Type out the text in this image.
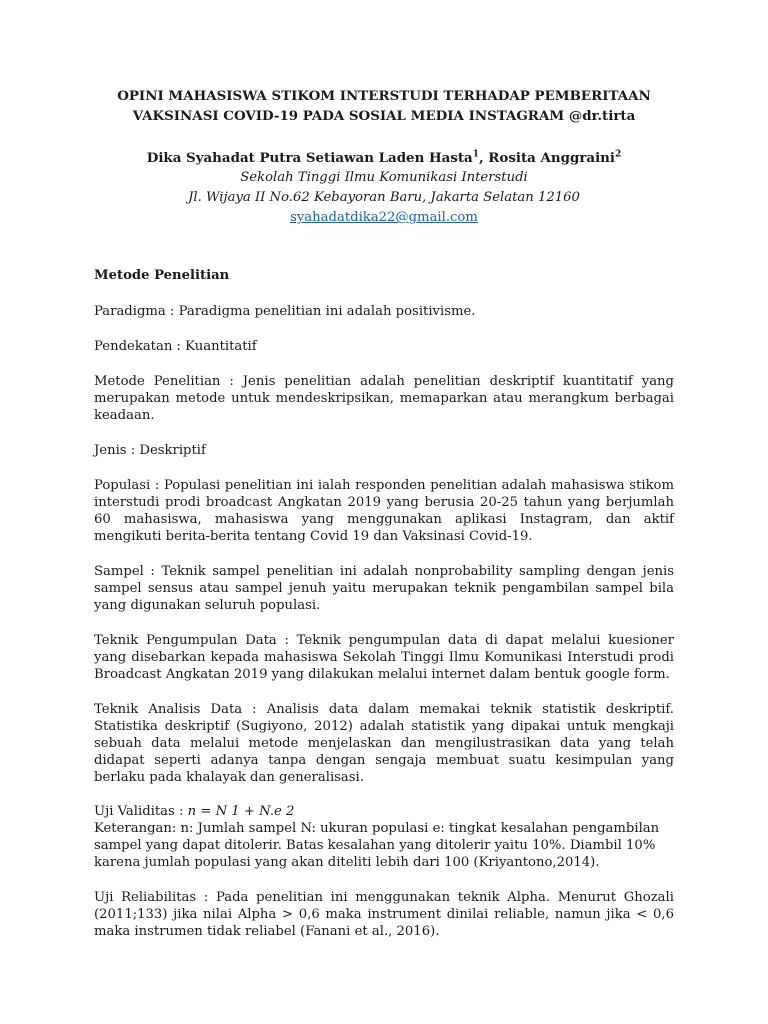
OPINI MAHASISWA STIKOM INTERSTUDI TERHADAP PEMBERITAAN
VAKSINASI COVID-19 PADA SOSIAL MEDIA INSTAGRAM @dr.tirta
Dika Syahadat Putra Setiawan Laden Hasta$^1$, Rosita Anggraini$^2$
Sekolah Tinggi Ilmu Komunikasi Interstudi
Jl. Wijaya II No.62 Kebayoran Baru, Jakarta Selatan 12160
syahadatdika22@gmail.com
Metode Penelitian

Paradigma : Paradigma penelitian ini adalah positivisme.

Pendekatan : Kuantitatif

Metode Penelitian : Jenis penelitian adalah penelitian deskriptif kuantitatif yang merupakan metode untuk mendeskripsikan, memaparkan atau merangkum berbagai keadaan.

Jenis : Deskriptif

Populasi : Populasi penelitian ini ialah responden penelitian adalah mahasiswa stikom interstudi prodi broadcast Angkatan 2019 yang berusia 20-25 tahun yang berjumlah 60 mahasiswa, mahasiswa yang menggunakan aplikasi Instagram, dan aktif mengikuti berita-berita tentang Covid 19 dan Vaksinasi Covid-19.

Sampel : Teknik sampel penelitian ini adalah nonprobability sampling dengan jenis sampel sensus atau sampel jenuh yaitu merupakan teknik pengambilan sampel bila yang digunakan seluruh populasi.

Teknik Pengumpulan Data : Teknik pengumpulan data di dapat melalui kuesioner yang disebarkan kepada mahasiswa Sekolah Tinggi Ilmu Komunikasi Interstudi prodi Broadcast Angkatan 2019 yang dilakukan melalui internet dalam bentuk google form.

Teknik Analisis Data : Analisis data dalam memakai teknik statistik deskriptif. Statistika deskriptif (Sugiyono, 2012) adalah statistik yang dipakai untuk mengkaji sebuah data melalui metode menjelaskan dan mengilustrasikan data yang telah didapat seperti adanya tanpa dengan sengaja membuat suatu kesimpulan yang berlaku pada khalayak dan generalisasi.

Uji Validitas : n = N 1 + N.e 2
Keterangan: n: Jumlah sampel N: ukuran populasi e: tingkat kesalahan pengambilan sampel yang dapat ditolerir. Batas kesalahan yang ditolerir yaitu 10%. Diambil 10% karena jumlah populasi yang akan diteliti lebih dari 100 (Kriyantono,2014).

Uji Reliabilitas : Pada penelitian ini menggunakan teknik Alpha. Menurut Ghozali (2011;133) jika nilai Alpha > 0,6 maka instrument dinilai reliable, namun jika < 0,6 maka instrumen tidak reliabel (Fanani et al., 2016).
